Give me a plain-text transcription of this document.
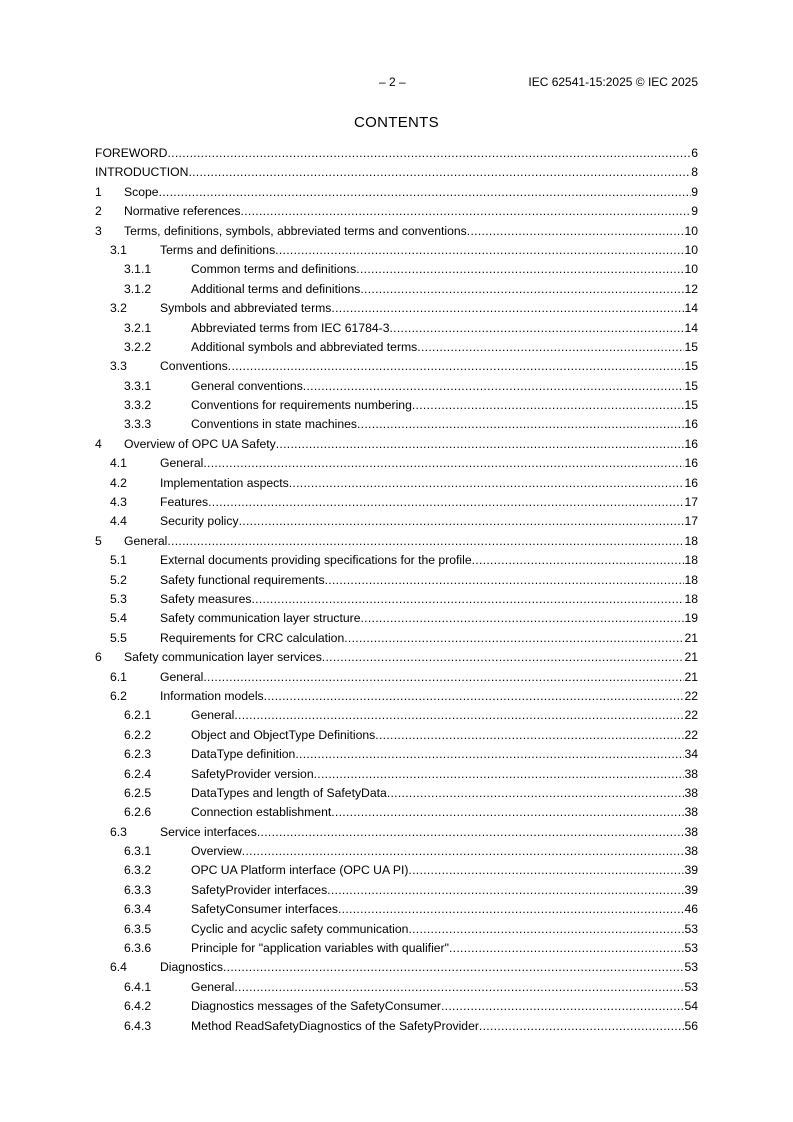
– 2 –	IEC 62541-15:2025 © IEC 2025
CONTENTS
FOREWORD .....	6
INTRODUCTION .....	8
1 Scope .....	9
2 Normative references .....	9
3 Terms, definitions, symbols, abbreviated terms and conventions .....	10
3.1	Terms and definitions .....	10
3.1.1	Common terms and definitions .....	10
3.1.2	Additional terms and definitions .....	12
3.2	Symbols and abbreviated terms .....	14
3.2.1	Abbreviated terms from IEC 61784-3 .....	14
3.2.2	Additional symbols and abbreviated terms .....	15
3.3	Conventions .....	15
3.3.1	General conventions .....	15
3.3.2	Conventions for requirements numbering .....	15
3.3.3	Conventions in state machines .....	16
4 Overview of OPC UA Safety .....	16
4.1	General .....	16
4.2	Implementation aspects .....	16
4.3	Features .....	17
4.4	Security policy .....	17
5 General .....	18
5.1	External documents providing specifications for the profile .....	18
5.2	Safety functional requirements .....	18
5.3	Safety measures .....	18
5.4	Safety communication layer structure .....	19
5.5	Requirements for CRC calculation .....	21
6 Safety communication layer services .....	21
6.1	General .....	21
6.2	Information models .....	22
6.2.1	General .....	22
6.2.2	Object and ObjectType Definitions .....	22
6.2.3	DataType definition .....	34
6.2.4	SafetyProvider version .....	38
6.2.5	DataTypes and length of SafetyData .....	38
6.2.6	Connection establishment .....	38
6.3	Service interfaces .....	38
6.3.1	Overview .....	38
6.3.2	OPC UA Platform interface (OPC UA PI) .....	39
6.3.3	SafetyProvider interfaces .....	39
6.3.4	SafetyConsumer interfaces .....	46
6.3.5	Cyclic and acyclic safety communication .....	53
6.3.6	Principle for "application variables with qualifier" .....	53
6.4	Diagnostics .....	53
6.4.1	General .....	53
6.4.2	Diagnostics messages of the SafetyConsumer .....	54
6.4.3	Method ReadSafetyDiagnostics of the SafetyProvider .....	56
